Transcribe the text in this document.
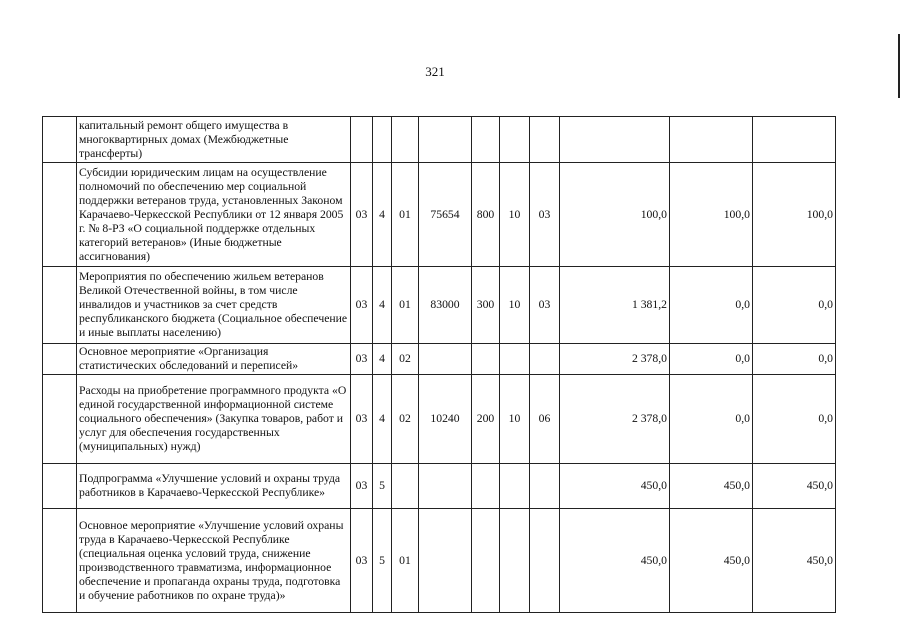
321
	капитальный ремонт общего имущества в многоквартирных домах (Межбюджетные трансферты)										
	Субсидии юридическим лицам на осуществление полномочий по обеспечению мер социальной поддержки ветеранов труда, установленных Законом Карачаево-Черкесской Республики от 12 января 2005 г. № 8-РЗ «О социальной поддержке отдельных категорий ветеранов» (Иные бюджетные ассигнования)	03	4	01	75654	800	10	03	100,0	100,0	100,0
	Мероприятия по обеспечению жильем ветеранов Великой Отечественной войны, в том числе инвалидов и участников за счет средств республиканского бюджета (Социальное обеспечение и иные выплаты населению)	03	4	01	83000	300	10	03	1 381,2	0,0	0,0
	Основное мероприятие «Организация статистических обследований и переписей»	03	4	02					2 378,0	0,0	0,0
	Расходы на приобретение программного продукта «О единой государственной информационной системе социального обеспечения» (Закупка товаров, работ и услуг для обеспечения государственных (муниципальных) нужд)	03	4	02	10240	200	10	06	2 378,0	0,0	0,0
	Подпрограмма «Улучшение условий и охраны труда работников в Карачаево-Черкесской Республике»	03	5						450,0	450,0	450,0
	Основное мероприятие «Улучшение условий охраны труда в Карачаево-Черкесской Республике (специальная оценка условий труда, снижение производственного травматизма, информационное обеспечение и пропаганда охраны труда, подготовка и обучение работников по охране труда)»	03	5	01					450,0	450,0	450,0
